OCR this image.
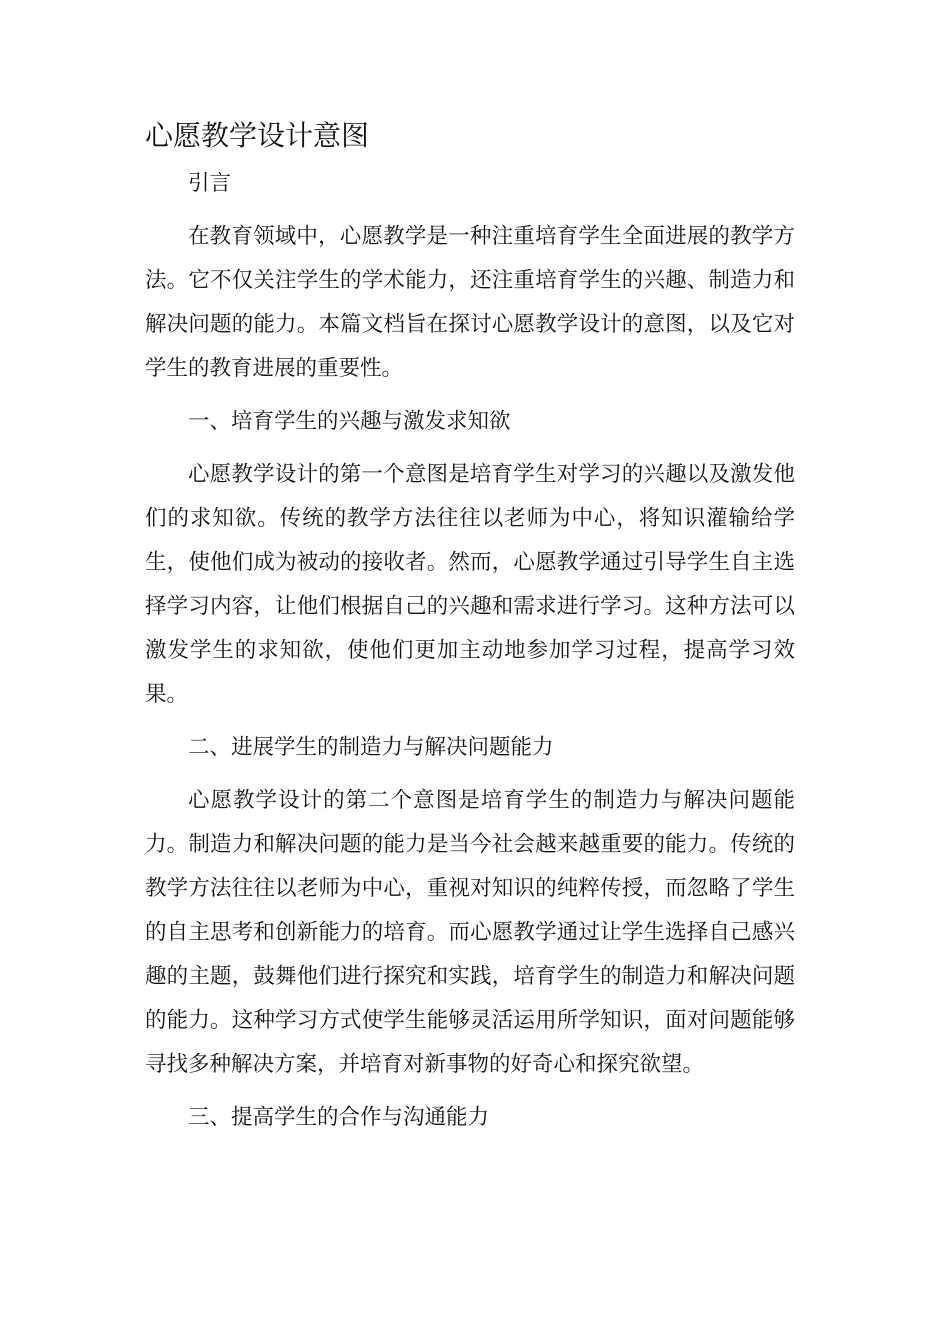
心愿教学设计意图

引言

在教育领域中，心愿教学是一种注重培育学生全面进展的教学方法。它不仅关注学生的学术能力，还注重培育学生的兴趣、制造力和解决问题的能力。本篇文档旨在探讨心愿教学设计的意图，以及它对学生的教育进展的重要性。

一、培育学生的兴趣与激发求知欲

心愿教学设计的第一个意图是培育学生对学习的兴趣以及激发他们的求知欲。传统的教学方法往往以老师为中心，将知识灌输给学生，使他们成为被动的接收者。然而，心愿教学通过引导学生自主选择学习内容，让他们根据自己的兴趣和需求进行学习。这种方法可以激发学生的求知欲，使他们更加主动地参加学习过程，提高学习效果。

二、进展学生的制造力与解决问题能力

心愿教学设计的第二个意图是培育学生的制造力与解决问题能力。制造力和解决问题的能力是当今社会越来越重要的能力。传统的教学方法往往以老师为中心，重视对知识的纯粹传授，而忽略了学生的自主思考和创新能力的培育。而心愿教学通过让学生选择自己感兴趣的主题，鼓舞他们进行探究和实践，培育学生的制造力和解决问题的能力。这种学习方式使学生能够灵活运用所学知识，面对问题能够寻找多种解决方案，并培育对新事物的好奇心和探究欲望。

三、提高学生的合作与沟通能力
